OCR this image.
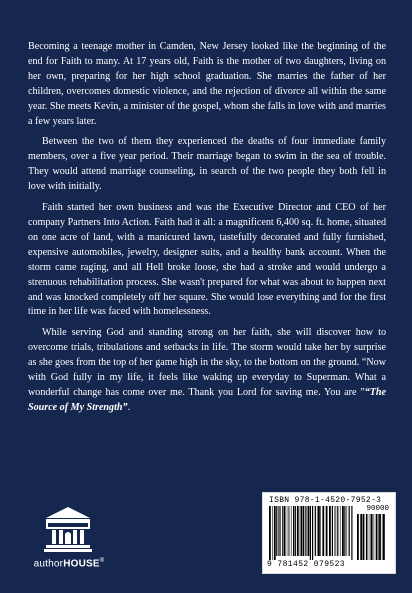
Becoming a teenage mother in Camden, New Jersey looked like the beginning of the end for Faith to many. At 17 years old, Faith is the mother of two daughters, living on her own, preparing for her high school graduation. She marries the father of her children, overcomes domestic violence, and the rejection of divorce all within the same year. She meets Kevin, a minister of the gospel, whom she falls in love with and marries a few years later.

Between the two of them they experienced the deaths of four immediate family members, over a five year period. Their marriage began to swim in the sea of trouble. They would attend marriage counseling, in search of the two people they both fell in love with initially.

Faith started her own business and was the Executive Director and CEO of her company Partners Into Action. Faith had it all: a magnificent 6,400 sq. ft. home, situated on one acre of land, with a manicured lawn, tastefully decorated and fully furnished, expensive automobiles, jewelry, designer suits, and a healthy bank account. When the storm came raging, and all Hell broke loose, she had a stroke and would undergo a strenuous rehabilitation process. She wasn't prepared for what was about to happen next and was knocked completely off her square. She would lose everything and for the first time in her life was faced with homelessness.

While serving God and standing strong on her faith, she will discover how to overcome trials, tribulations and setbacks in life. The storm would take her by surprise as she goes from the top of her game high in the sky, to the bottom on the ground. “Now with God fully in my life, it feels like waking up everyday to Superman. What a wonderful change has come over me. Thank you Lord for saving me. You are ”“The Source of My Strength”.

authorHOUSE®
ISBN 978-1-4520-7952-3
90000
9 781452 079523
